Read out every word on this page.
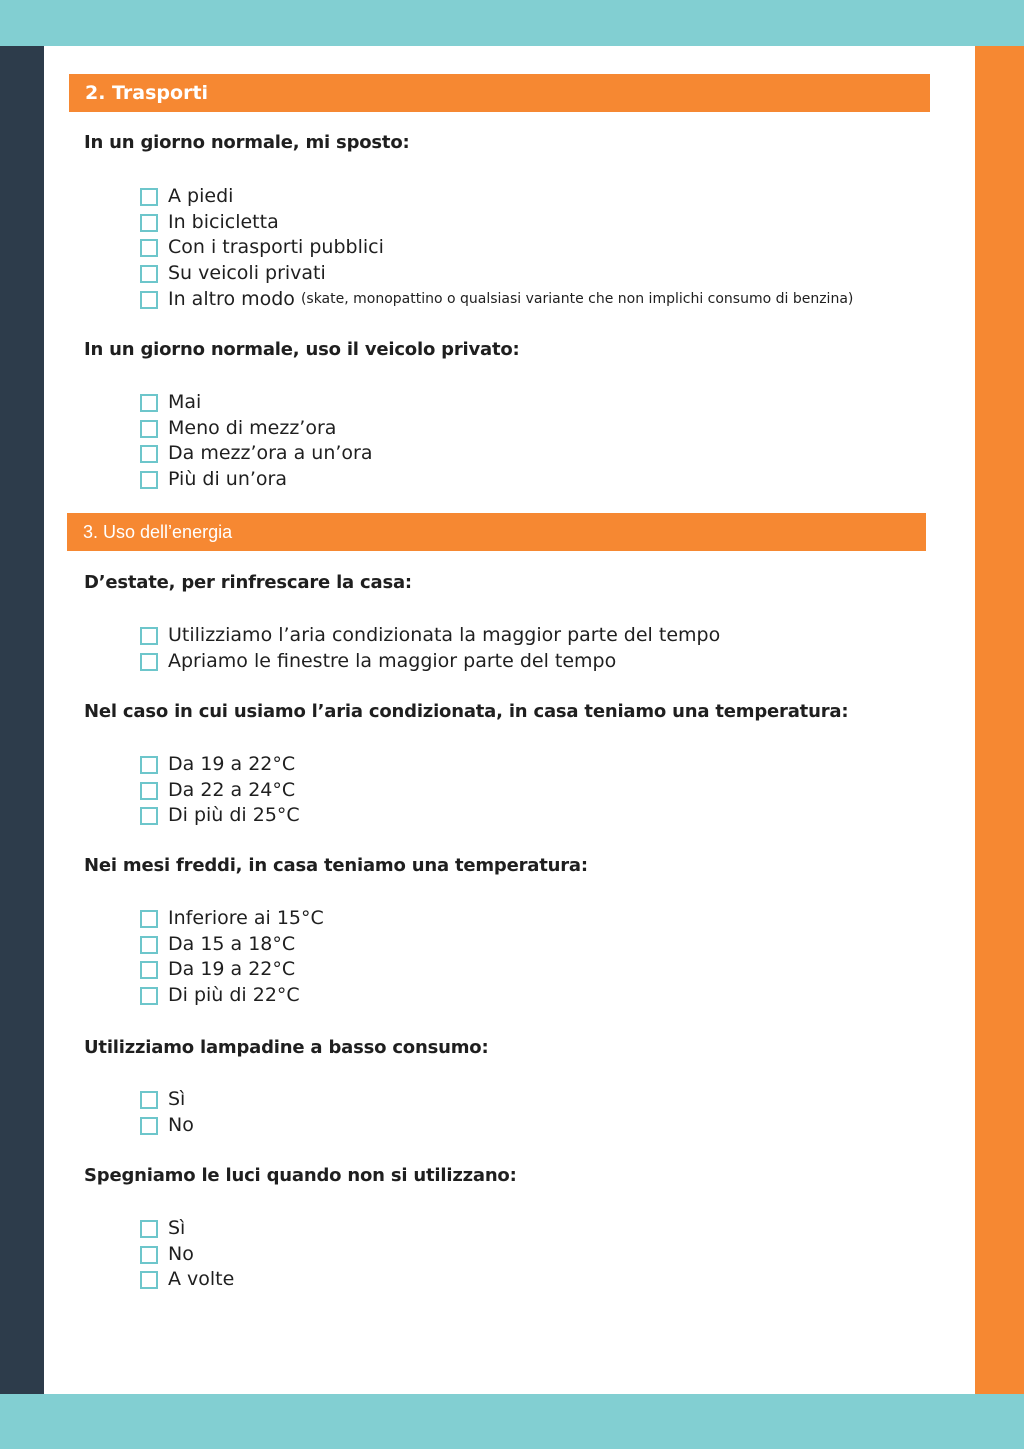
2. Trasporti
In un giorno normale, mi sposto:
A piedi
In bicicletta
Con i trasporti pubblici
Su veicoli privati
In altro modo (skate, monopattino o qualsiasi variante che non implichi consumo di benzina)
In un giorno normale, uso il veicolo privato:
Mai
Meno di mezz’ora
Da mezz’ora a un’ora
Più di un’ora
3. Uso dell’energia
D’estate, per rinfrescare la casa:
Utilizziamo l’aria condizionata la maggior parte del tempo
Apriamo le finestre la maggior parte del tempo
Nel caso in cui usiamo l’aria condizionata, in casa teniamo una temperatura:
Da 19 a 22°C
Da 22 a 24°C
Di più di 25°C
Nei mesi freddi, in casa teniamo una temperatura:
Inferiore ai 15°C
Da 15 a 18°C
Da 19 a 22°C
Di più di 22°C
Utilizziamo lampadine a basso consumo:
Sì
No
Spegniamo le luci quando non si utilizzano:
Sì
No
A volte
